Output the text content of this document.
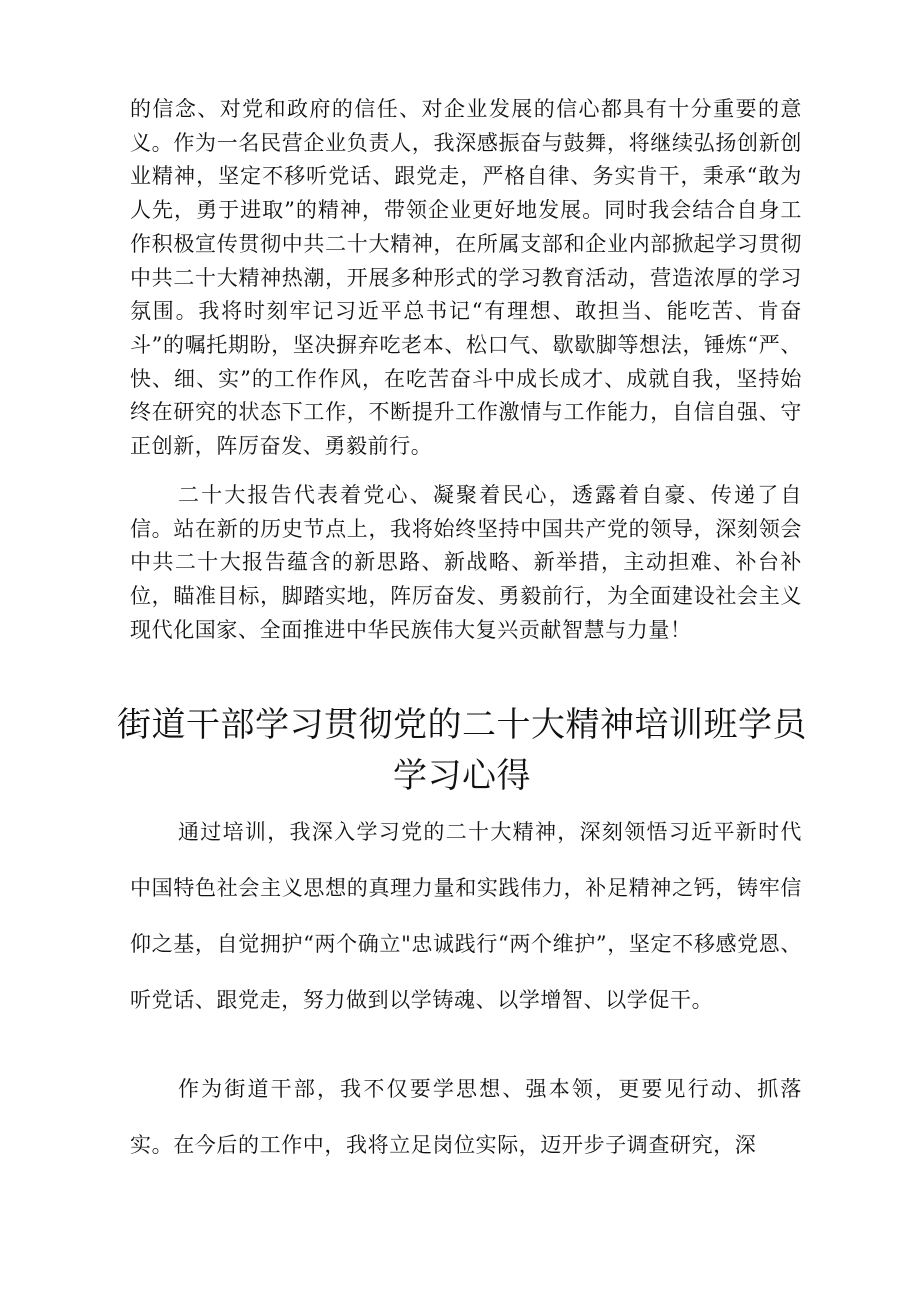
的信念、对党和政府的信任、对企业发展的信心都具有十分重要的意义。作为一名民营企业负责人，我深感振奋与鼓舞，将继续弘扬创新创业精神，坚定不移听党话、跟党走，严格自律、务实肯干，秉承“敢为人先，勇于进取”的精神，带领企业更好地发展。同时我会结合自身工作积极宣传贯彻中共二十大精神，在所属支部和企业内部掀起学习贯彻中共二十大精神热潮，开展多种形式的学习教育活动，营造浓厚的学习氛围。我将时刻牢记习近平总书记“有理想、敢担当、能吃苦、肯奋斗”的嘱托期盼，坚决摒弃吃老本、松口气、歇歇脚等想法，锤炼“严、快、细、实”的工作作风，在吃苦奋斗中成长成才、成就自我，坚持始终在研究的状态下工作，不断提升工作激情与工作能力，自信自强、守正创新，阵厉奋发、勇毅前行。

二十大报告代表着党心、凝聚着民心，透露着自豪、传递了自信。站在新的历史节点上，我将始终坚持中国共产党的领导，深刻领会中共二十大报告蕴含的新思路、新战略、新举措，主动担难、补台补位，瞄准目标，脚踏实地，阵厉奋发、勇毅前行，为全面建设社会主义现代化国家、全面推进中华民族伟大复兴贡献智慧与力量！

街道干部学习贯彻党的二十大精神培训班学员学习心得

通过培训，我深入学习党的二十大精神，深刻领悟习近平新时代中国特色社会主义思想的真理力量和实践伟力，补足精神之钙，铸牢信仰之基，自觉拥护“两个确立"忠诚践行“两个维护”，坚定不移感党恩、听党话、跟党走，努力做到以学铸魂、以学增智、以学促干。

作为街道干部，我不仅要学思想、强本领，更要见行动、抓落实。在今后的工作中，我将立足岗位实际，迈开步子调查研究，深
